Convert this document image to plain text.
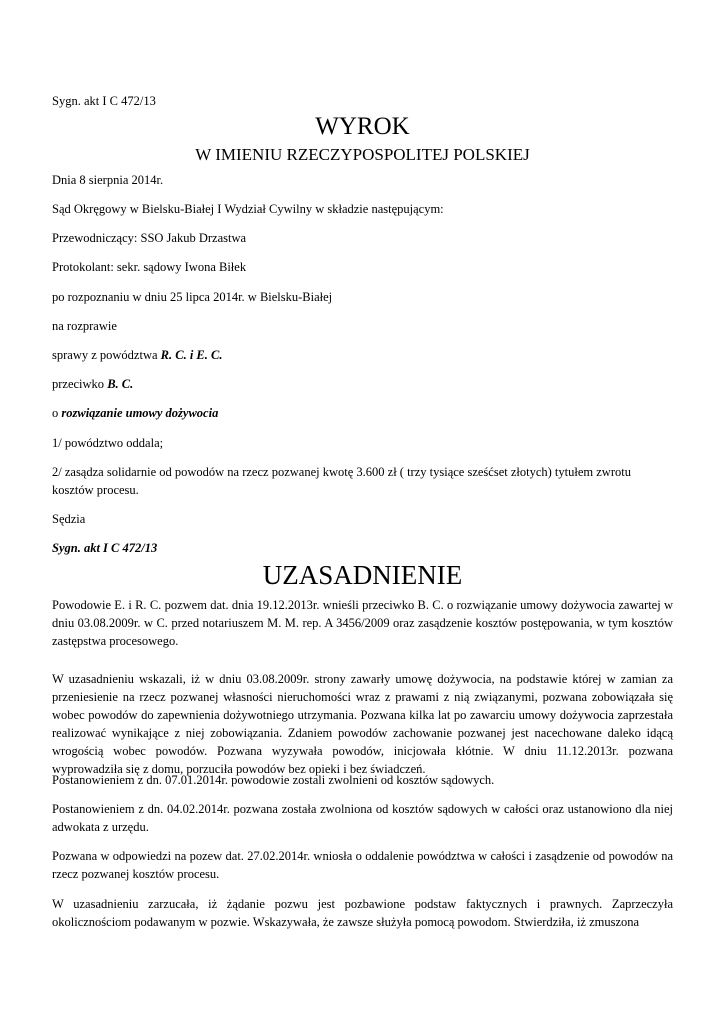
Sygn. akt I C 472/13
WYROK
W IMIENIU RZECZYPOSPOLITEJ POLSKIEJ
Dnia 8 sierpnia 2014r.
Sąd Okręgowy w Bielsku-Białej I Wydział Cywilny w składzie następującym:
Przewodniczący: SSO Jakub Drzastwa
Protokolant: sekr. sądowy Iwona Biłek
po rozpoznaniu w dniu 25 lipca 2014r. w Bielsku-Białej
na rozprawie
sprawy z powództwa R. C. i E. C.
przeciwko B. C.
o rozwiązanie umowy dożywocia
1/ powództwo oddala;
2/ zasądza solidarnie od powodów na rzecz pozwanej kwotę 3.600 zł ( trzy tysiące sześćset złotych) tytułem zwrotu
kosztów procesu.
Sędzia
Sygn. akt I C 472/13
UZASADNIENIE
Powodowie E. i R. C. pozwem dat. dnia 19.12.2013r. wnieśli przeciwko B. C. o rozwiązanie umowy dożywocia zawartej w dniu 03.08.2009r. w C. przed notariuszem M. M. rep. A 3456/2009 oraz zasądzenie kosztów postępowania, w tym kosztów zastępstwa procesowego.
W uzasadnieniu wskazali, iż w dniu 03.08.2009r. strony zawarły umowę dożywocia, na podstawie której w zamian za przeniesienie na rzecz pozwanej własności nieruchomości wraz z prawami z nią związanymi, pozwana zobowiązała się wobec powodów do zapewnienia dożywotniego utrzymania. Pozwana kilka lat po zawarciu umowy dożywocia zaprzestała realizować wynikające z niej zobowiązania. Zdaniem powodów zachowanie pozwanej jest nacechowane daleko idącą wrogością wobec powodów. Pozwana wyzywała powodów, inicjowała kłótnie. W dniu 11.12.2013r. pozwana wyprowadziła się z domu, porzuciła powodów bez opieki i bez świadczeń.
Postanowieniem z dn. 07.01.2014r. powodowie zostali zwolnieni od kosztów sądowych.
Postanowieniem z dn. 04.02.2014r. pozwana została zwolniona od kosztów sądowych w całości oraz ustanowiono dla niej adwokata z urzędu.
Pozwana w odpowiedzi na pozew dat. 27.02.2014r. wniosła o oddalenie powództwa w całości i zasądzenie od powodów na rzecz pozwanej kosztów procesu.
W uzasadnieniu zarzucała, iż żądanie pozwu jest pozbawione podstaw faktycznych i prawnych. Zaprzeczyła okolicznościom podawanym w pozwie. Wskazywała, że zawsze służyła pomocą powodom. Stwierdziła, iż zmuszona
